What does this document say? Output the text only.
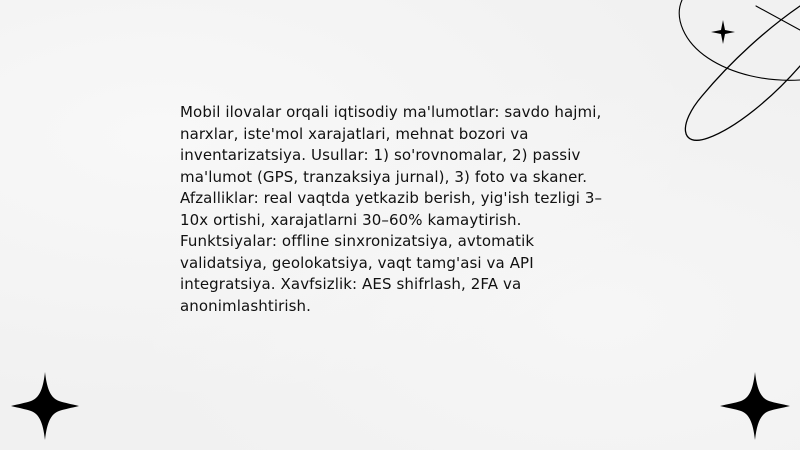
Mobil ilovalar orqali iqtisodiy ma'lumotlar: savdo hajmi, narxlar, iste'mol xarajatlari, mehnat bozori va inventarizatsiya. Usullar: 1) so'rovnomalar, 2) passiv ma'lumot (GPS, tranzaksiya jurnal), 3) foto va skaner. Afzalliklar: real vaqtda yetkazib berish, yig'ish tezligi 3–10x ortishi, xarajatlarni 30–60% kamaytirish. Funktsiyalar: offline sinxronizatsiya, avtomatik validatsiya, geolokatsiya, vaqt tamg'asi va API integratsiya. Xavfsizlik: AES shifrlash, 2FA va anonimlashtirish.
